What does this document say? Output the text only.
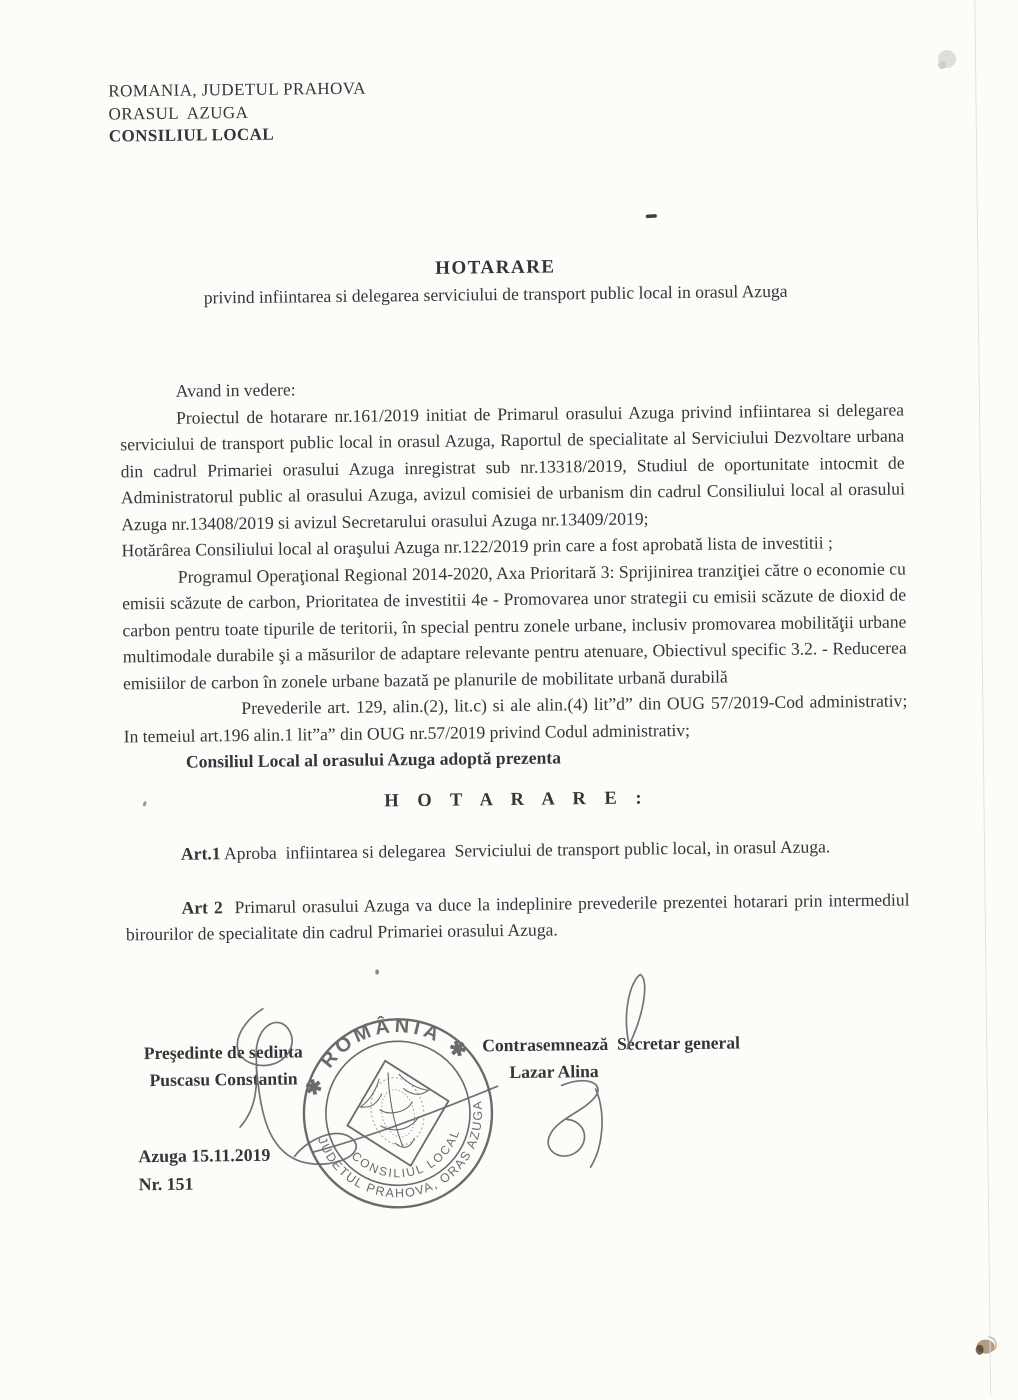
ROMANIA, JUDETUL PRAHOVA
ORASUL  AZUGA
CONSILIUL LOCAL
HOTARARE
privind infiintarea si delegarea serviciului de transport public local in orasul Azuga
Avand in vedere:
Proiectul de hotarare nr.161/2019 initiat de Primarul orasului Azuga privind infiintarea si delegarea serviciului de transport public local in orasul Azuga, Raportul de specialitate al Serviciului Dezvoltare urbana din cadrul Primariei orasului Azuga inregistrat sub nr.13318/2019, Studiul de oportunitate intocmit de Administratorul public al orasului Azuga, avizul comisiei de urbanism din cadrul Consiliului local al orasului Azuga nr.13408/2019 si avizul Secretarului orasului Azuga nr.13409/2019;
Hotărârea Consiliului local al oraşului Azuga nr.122/2019 prin care a fost aprobată lista de investitii ;
Programul Operaţional Regional 2014-2020, Axa Prioritară 3: Sprijinirea tranziţiei către o economie cu emisii scăzute de carbon, Prioritatea de investitii 4e - Promovarea unor strategii cu emisii scăzute de dioxid de carbon pentru toate tipurile de teritorii, în special pentru zonele urbane, inclusiv promovarea mobilităţii urbane multimodale durabile şi a măsurilor de adaptare relevante pentru atenuare, Obiectivul specific 3.2. - Reducerea emisiilor de carbon în zonele urbane bazată pe planurile de mobilitate urbană durabilă
Prevederile art. 129, alin.(2), lit.c) si ale alin.(4) lit”d” din OUG 57/2019-Cod administrativ; In temeiul art.196 alin.1 lit”a” din OUG nr.57/2019 privind Codul administrativ;
Consiliul Local al orasului Azuga adoptă prezenta
H O T A R A R E :
Art.1 Aproba  infiintarea si delegarea  Serviciului de transport public local, in orasul Azuga.
Art 2  Primarul orasului Azuga va duce la indeplinire prevederile prezentei hotarari prin intermediul birourilor de specialitate din cadrul Primariei orasului Azuga.
Preşedinte de sedinta
Puscasu Constantin
Contrasemnează  Secretar general
Lazar Alina
Azuga 15.11.2019
Nr. 151
✱ ROMÂNIA ✱
JUDETUL PRAHOVA, ORAS AZUGA
CONSILIUL LOCAL
